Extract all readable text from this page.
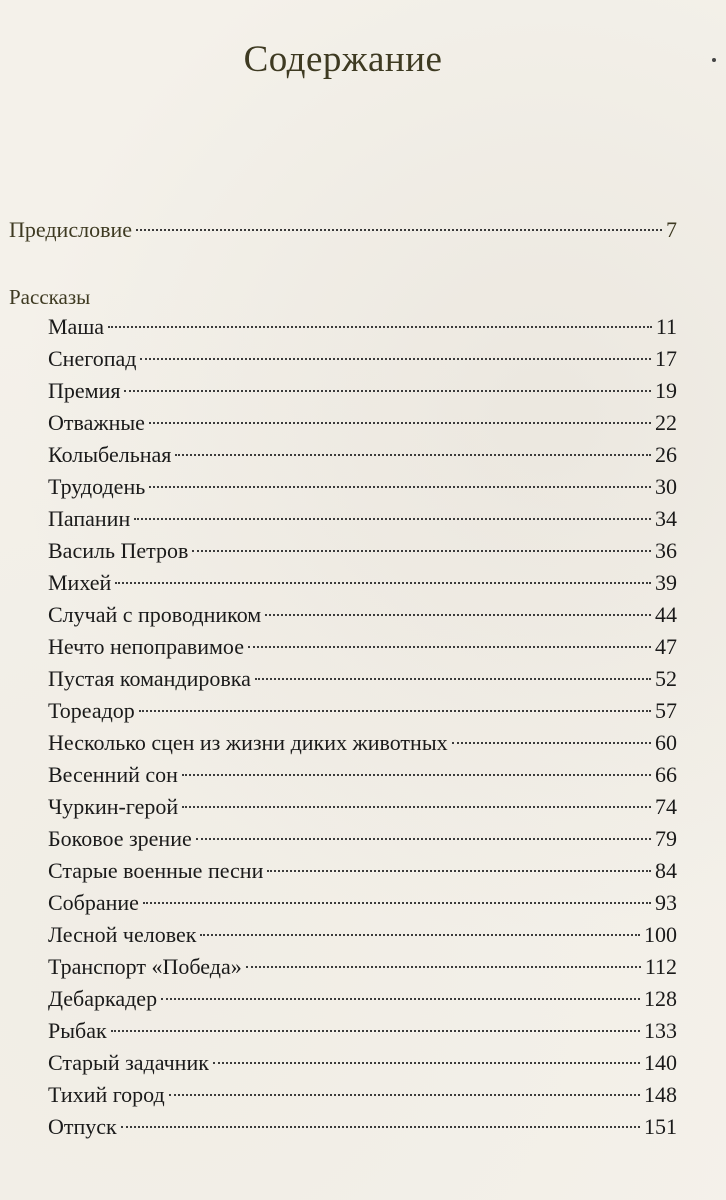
Содержание
Предисловие	7
Рассказы
Маша	11
Снегопад	17
Премия	19
Отважные	22
Колыбельная	26
Трудодень	30
Папанин	34
Василь Петров	36
Михей	39
Случай с проводником	44
Нечто непоправимое	47
Пустая командировка	52
Тореадор	57
Несколько сцен из жизни диких животных	60
Весенний сон	66
Чуркин-герой	74
Боковое зрение	79
Старые военные песни	84
Собрание	93
Лесной человек	100
Транспорт «Победа»	112
Дебаркадер	128
Рыбак	133
Старый задачник	140
Тихий город	148
Отпуск	151
